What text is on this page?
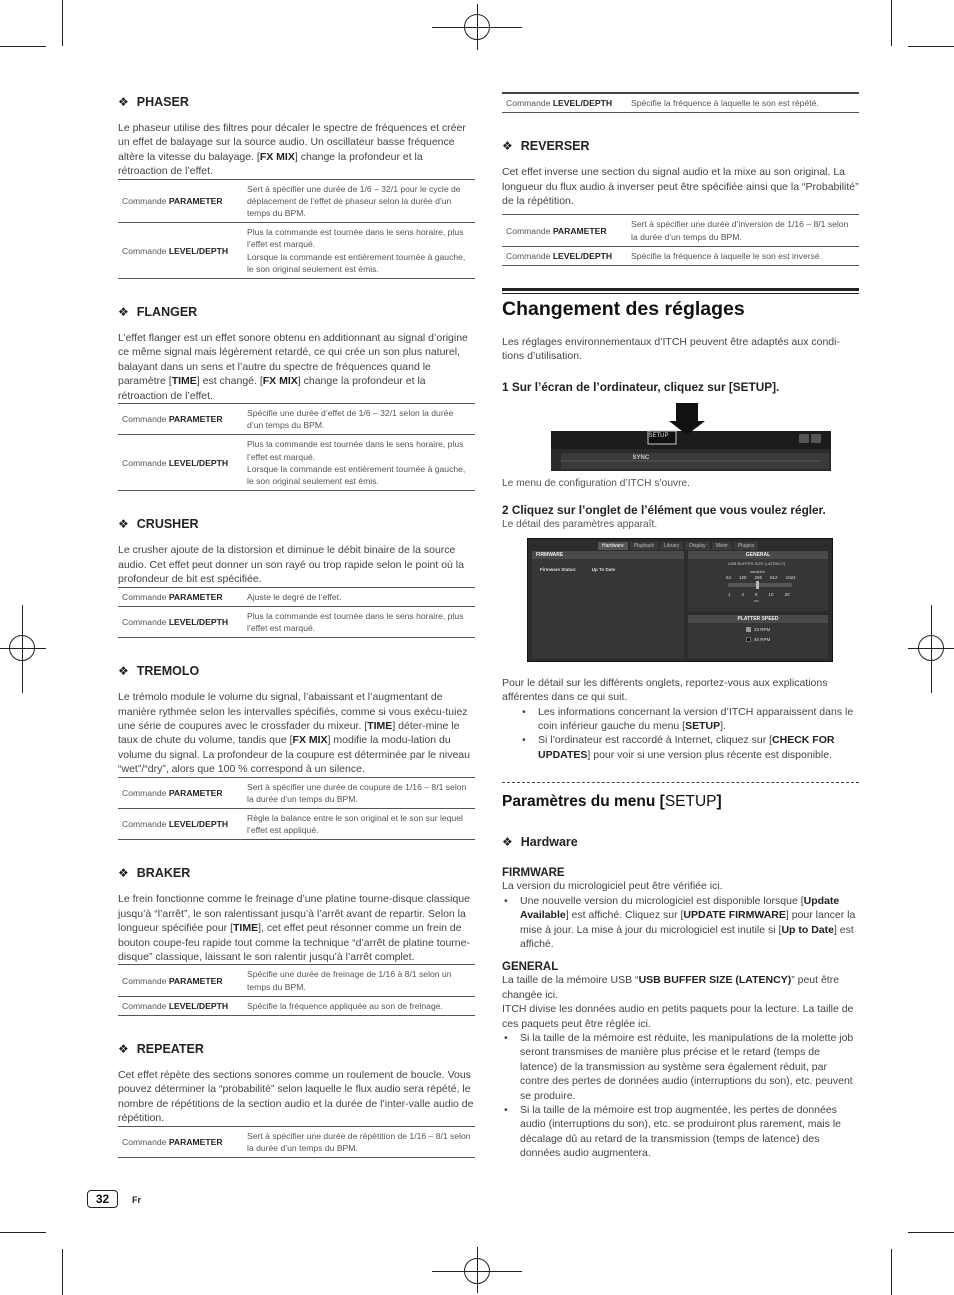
❖ PHASER

Le phaseur utilise des filtres pour décaler le spectre de fréquences et créer un effet de balayage sur la source audio. Un oscillateur basse fréquence altère la vitesse du balayage. [FX MIX] change la profondeur et la rétroaction de l’effet.

Commande PARAMETER	Sert à spécifier une durée de 1/6 – 32/1 pour le cycle de déplacement de l’effet de phaseur selon la durée d’un temps du BPM.
Commande LEVEL/DEPTH	Plus la commande est tournée dans le sens horaire, plus l’effet est marqué.
Lorsque la commande est entièrement tournée à gauche, le son original seulement est émis.
❖ FLANGER

L’effet flanger est un effet sonore obtenu en additionnant au signal d’origine ce même signal mais légèrement retardé, ce qui crée un son plus naturel, balayant dans un sens et l’autre du spectre de fréquences quand le paramètre [TIME] est changé. [FX MIX] change la profondeur et la rétroaction de l’effet.

Commande PARAMETER	Spécifie une durée d’effet de 1/6 – 32/1 selon la durée d’un temps du BPM.
Commande LEVEL/DEPTH	Plus la commande est tournée dans le sens horaire, plus l’effet est marqué.
Lorsque la commande est entièrement tournée à gauche, le son original seulement est émis.
❖ CRUSHER

Le crusher ajoute de la distorsion et diminue le débit binaire de la source audio. Cet effet peut donner un son rayé ou trop rapide selon le point où la profondeur de bit est spécifiée.

Commande PARAMETER	Ajuste le degré de l’effet.
Commande LEVEL/DEPTH	Plus la commande est tournée dans le sens horaire, plus l’effet est marqué.
❖ TREMOLO

Le trémolo module le volume du signal, l’abaissant et l’augmentant de manière rythmée selon les intervalles spécifiés, comme si vous exécu-tuiez une série de coupures avec le crossfader du mixeur. [TIME] déter-mine le taux de chute du volume, tandis que [FX MIX] modifie la modu-lation du volume du signal. La profondeur de la coupure est déterminée par le niveau “wet”/“dry”, alors que 100 % correspond à un silence.

Commande PARAMETER	Sert à spécifier une durée de coupure de 1/16 – 8/1 selon la durée d’un temps du BPM.
Commande LEVEL/DEPTH	Règle la balance entre le son original et le son sur lequel l’effet est appliqué.
❖ BRAKER

Le frein fonctionne comme le freinage d’une platine tourne-disque classique jusqu’à “l’arrêt”, le son ralentissant jusqu’à l’arrêt avant de repartir. Selon la longueur spécifiée pour [TIME], cet effet peut résonner comme un frein de bouton coupe-feu rapide tout comme la technique “d’arrêt de platine tourne-disque” classique, laissant le son ralentir jusqu’à l’arrêt complet.

Commande PARAMETER	Spécifie une durée de freinage de 1/16 à 8/1 selon un temps du BPM.
Commande LEVEL/DEPTH	Spécifie la fréquence appliquée au son de freinage.
❖ REPEATER

Cet effet répète des sections sonores comme un roulement de boucle. Vous pouvez déterminer la “probabilité” selon laquelle le flux audio sera répété, le nombre de répétitions de la section audio et la durée de l’inter-valle audio de répétition.

Commande PARAMETER	Sert à spécifier une durée de répétition de 1/16 – 8/1 selon la durée d’un temps du BPM.
Commande LEVEL/DEPTH	Spécifie la fréquence à laquelle le son est répété.
❖ REVERSER

Cet effet inverse une section du signal audio et la mixe au son original. La longueur du flux audio à inverser peut être spécifiée ainsi que la “Probabilité” de la répétition.

Commande PARAMETER	Sert à spécifier une durée d’inversion de 1/16 – 8/1 selon la durée d’un temps du BPM.
Commande LEVEL/DEPTH	Spécifie la fréquence à laquelle le son est inversé.
Changement des réglages

Les réglages environnementaux d’ITCH peuvent être adaptés aux condi-tions d’utilisation.

1 Sur l’écran de l’ordinateur, cliquez sur [SETUP].
SETUP
SYNC
Le menu de configuration d’ITCH s’ouvre.
2 Cliquez sur l’onglet de l’élément que vous voulez régler.
Le détail des paramètres apparaît.
Hardware	Playback	Library	Display	Mixer	Plugins
FIRMWARE
Firmware Status:	Up To Date
GENERAL
USB BUFFER SIZE (LATENCY)
samples
64 128 256 512 1024
1 2 5 10 20
ms
PLATTER SPEED
33 RPM
45 RPM

Pour le détail sur les différents onglets, reportez-vous aux explications afférentes dans ce qui suit.

• Les informations concernant la version d’ITCH apparaissent dans le coin inférieur gauche du menu [SETUP].
• Si l’ordinateur est raccordé à Internet, cliquez sur [CHECK FOR UPDATES] pour voir si une version plus récente est disponible.
Paramètres du menu [SETUP]
❖ Hardware
FIRMWARE

La version du micrologiciel peut être vérifiée ici.

• Une nouvelle version du micrologiciel est disponible lorsque [Update Available] est affiché. Cliquez sur [UPDATE FIRMWARE] pour lancer la mise à jour. La mise à jour du micrologiciel est inutile si [Up to Date] est affiché.
GENERAL

La taille de la mémoire USB “USB BUFFER SIZE (LATENCY)” peut être changée ici.

ITCH divise les données audio en petits paquets pour la lecture. La taille de ces paquets peut être réglée ici.

• Si la taille de la mémoire est réduite, les manipulations de la molette job seront transmises de manière plus précise et le retard (temps de latence) de la transmission au système sera également réduit, par contre des pertes de données audio (interruptions du son), etc. peuvent se produire.
• Si la taille de la mémoire est trop augmentée, les pertes de données audio (interruptions du son), etc. se produiront plus rarement, mais le décalage dû au retard de la transmission (temps de latence) des données audio augmentera.
32	Fr
